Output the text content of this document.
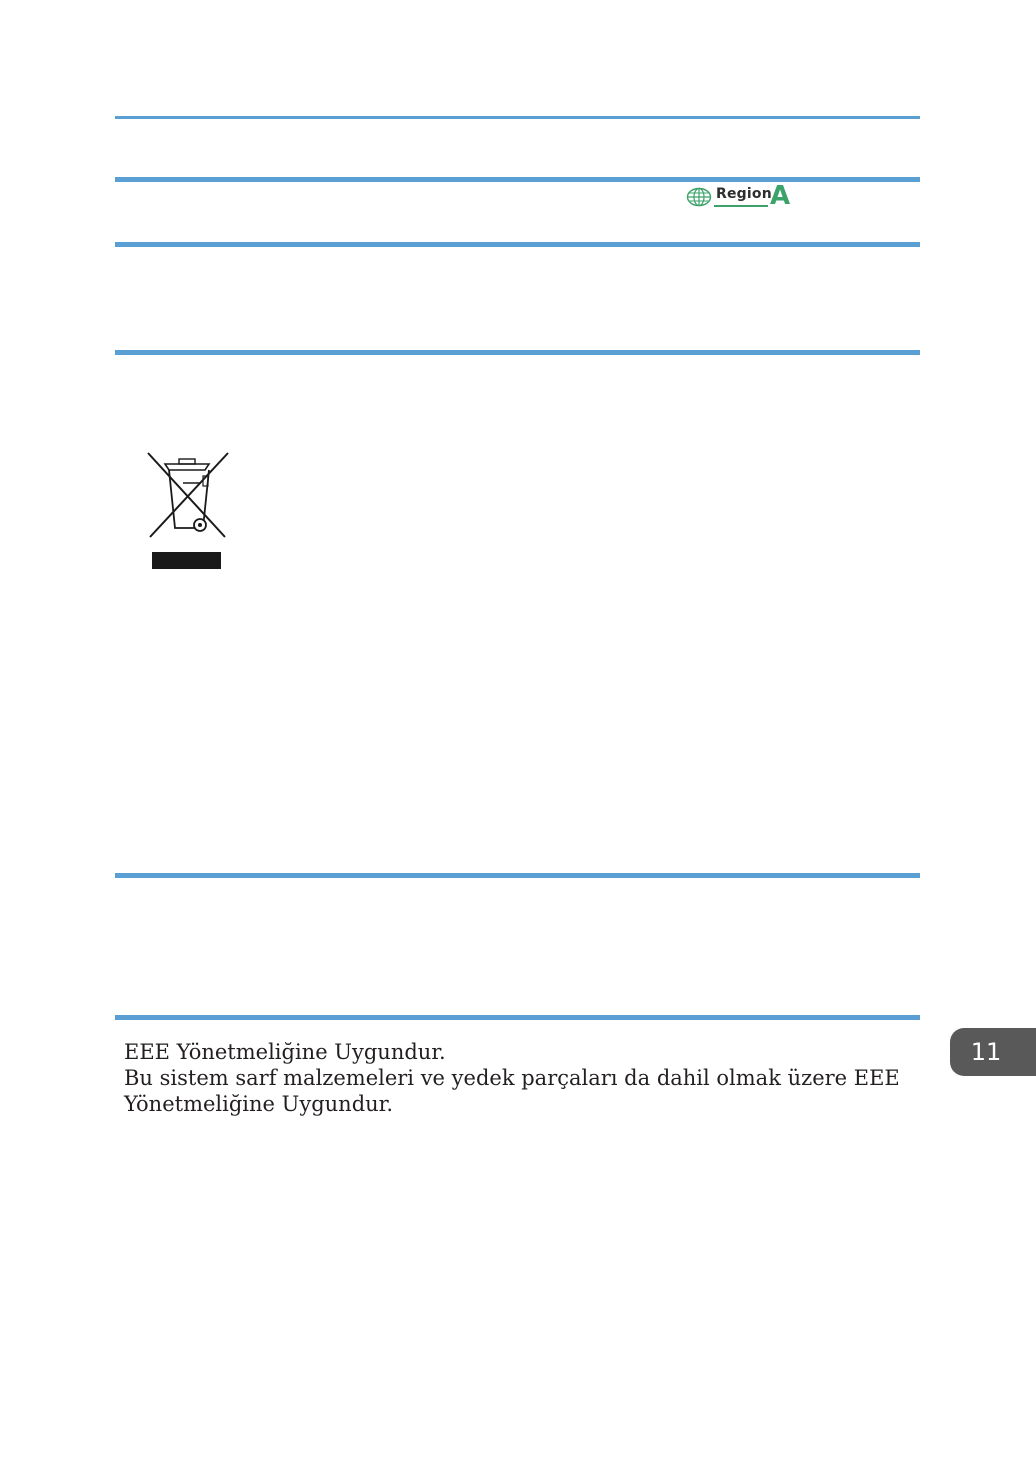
Region
A

EEE Yönetmeliğine Uygundur.

Bu sistem sarf malzemeleri ve yedek parçaları da dahil olmak üzere EEE Yönetmeliğine Uygundur.

11
